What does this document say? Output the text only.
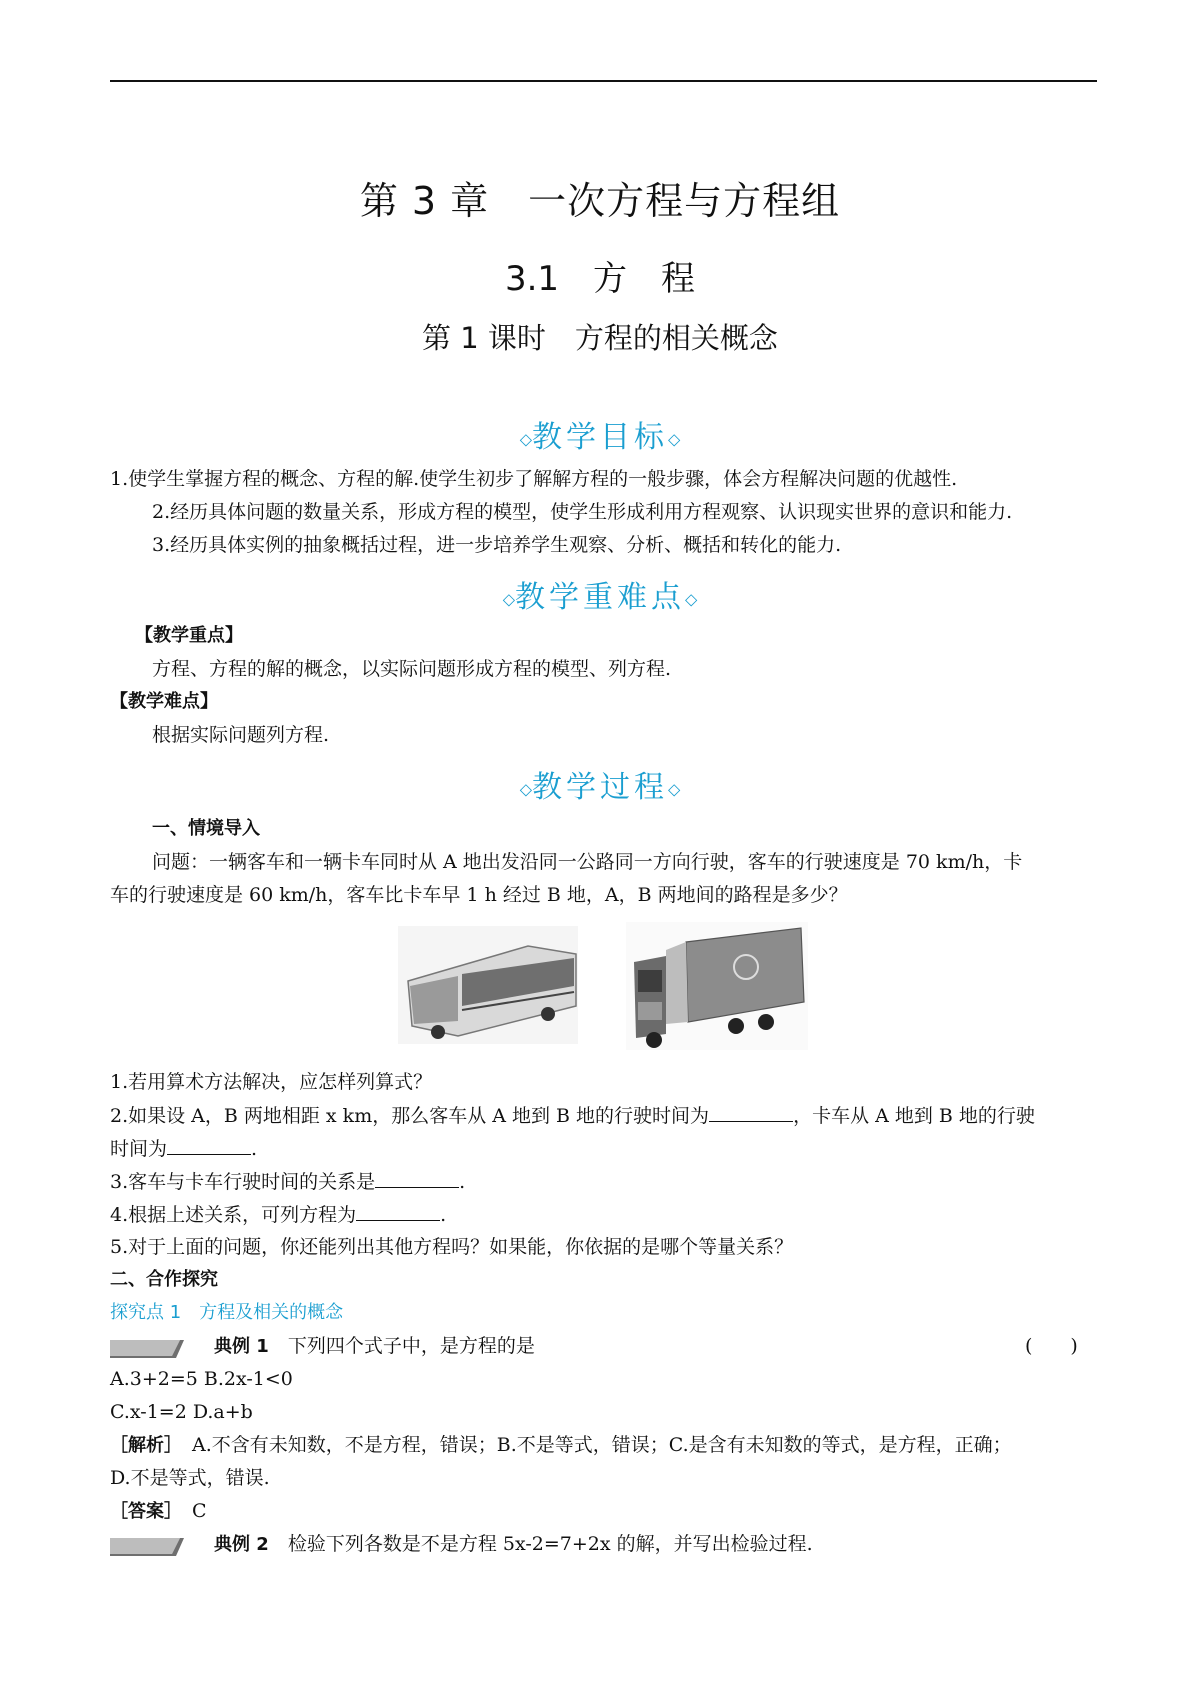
第 3 章　一次方程与方程组
3.1　方　程
第 1 课时　方程的相关概念
◇教学目标◇
1.使学生掌握方程的概念、方程的解.使学生初步了解解方程的一般步骤，体会方程解决问题的优越性.
2.经历具体问题的数量关系，形成方程的模型，使学生形成利用方程观察、认识现实世界的意识和能力.
3.经历具体实例的抽象概括过程，进一步培养学生观察、分析、概括和转化的能力.
◇教学重难点◇
【教学重点】
方程、方程的解的概念，以实际问题形成方程的模型、列方程.
【教学难点】
根据实际问题列方程.
◇教学过程◇
一、情境导入
问题：一辆客车和一辆卡车同时从 A 地出发沿同一公路同一方向行驶，客车的行驶速度是 70 km/h，卡
车的行驶速度是 60 km/h，客车比卡车早 1 h 经过 B 地，A，B 两地间的路程是多少？
1.若用算术方法解决，应怎样列算式？
2.如果设 A，B 两地相距 x km，那么客车从 A 地到 B 地的行驶时间为	，卡车从 A 地到 B 地的行驶
时间为	.
3.客车与卡车行驶时间的关系是	.
4.根据上述关系，可列方程为	.
5.对于上面的问题，你还能列出其他方程吗？如果能，你依据的是哪个等量关系？
二、合作探究
探究点 1　方程及相关的概念
典例 1　 下列四个式子中，是方程的是	(　　)
A.3+2=5 B.2x-1<0
C.x-1=2 D.a+b
［解析］　 A.不含有未知数，不是方程，错误；B.不是等式，错误；C.是含有未知数的等式，是方程，正确；
D.不是等式，错误.
［答案］　 C
典例 2　 检验下列各数是不是方程 5x-2=7+2x 的解，并写出检验过程.
